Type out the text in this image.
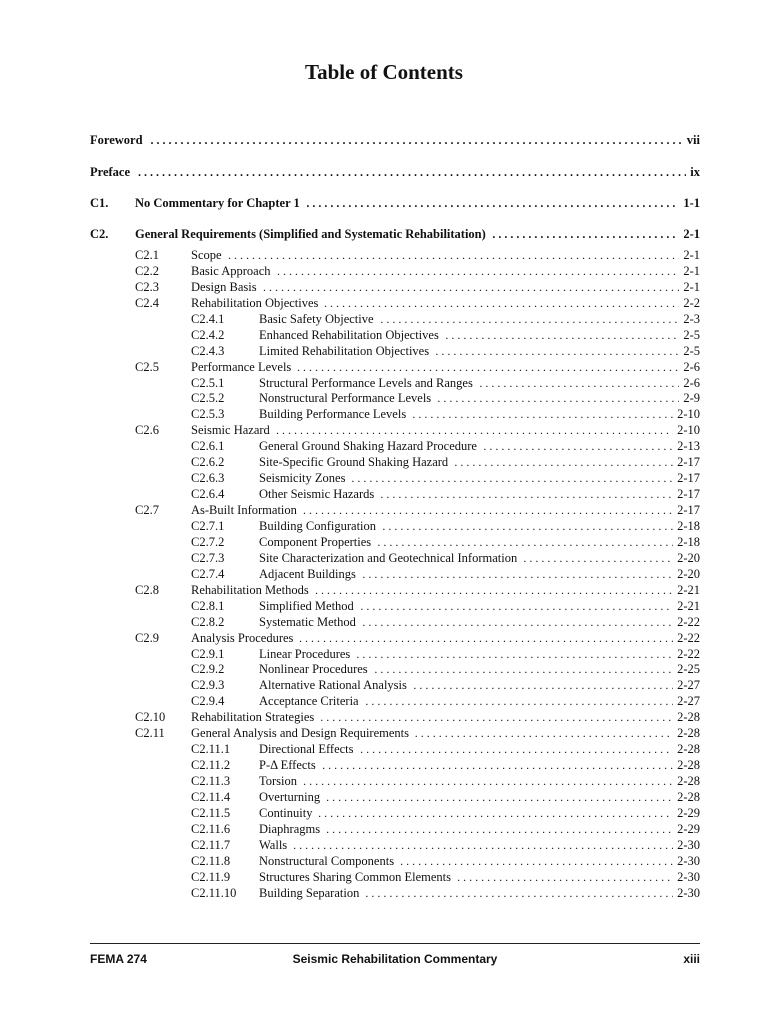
Table of Contents
Foreword . . .	vii
Preface . . .	ix
C1. No Commentary for Chapter 1 . . .	1-1
C2. General Requirements (Simplified and Systematic Rehabilitation) . . .	2-1
C2.1	Scope . . .	2-1
C2.2	Basic Approach . . .	2-1
C2.3	Design Basis . . .	2-1
C2.4	Rehabilitation Objectives . . .	2-2
C2.4.1	Basic Safety Objective . . .	2-3
C2.4.2	Enhanced Rehabilitation Objectives . . .	2-5
C2.4.3	Limited Rehabilitation Objectives . . .	2-5
C2.5	Performance Levels . . .	2-6
C2.5.1	Structural Performance Levels and Ranges . . .	2-6
C2.5.2	Nonstructural Performance Levels . . .	2-9
C2.5.3	Building Performance Levels . . .	2-10
C2.6	Seismic Hazard . . .	2-10
C2.6.1	General Ground Shaking Hazard Procedure . . .	2-13
C2.6.2	Site-Specific Ground Shaking Hazard . . .	2-17
C2.6.3	Seismicity Zones . . .	2-17
C2.6.4	Other Seismic Hazards . . .	2-17
C2.7	As-Built Information . . .	2-17
C2.7.1	Building Configuration . . .	2-18
C2.7.2	Component Properties . . .	2-18
C2.7.3	Site Characterization and Geotechnical Information . . .	2-20
C2.7.4	Adjacent Buildings . . .	2-20
C2.8	Rehabilitation Methods . . .	2-21
C2.8.1	Simplified Method . . .	2-21
C2.8.2	Systematic Method . . .	2-22
C2.9	Analysis Procedures . . .	2-22
C2.9.1	Linear Procedures . . .	2-22
C2.9.2	Nonlinear Procedures . . .	2-25
C2.9.3	Alternative Rational Analysis . . .	2-27
C2.9.4	Acceptance Criteria . . .	2-27
C2.10 Rehabilitation Strategies . . .	2-28
C2.11 General Analysis and Design Requirements . . .	2-28
C2.11.1 Directional Effects . . .	2-28
C2.11.2 P-Δ Effects . . .	2-28
C2.11.3 Torsion . . .	2-28
C2.11.4 Overturning . . .	2-28
C2.11.5 Continuity . . .	2-29
C2.11.6 Diaphragms . . .	2-29
C2.11.7 Walls . . .	2-30
C2.11.8 Nonstructural Components . . .	2-30
C2.11.9 Structures Sharing Common Elements . . .	2-30
C2.11.10 Building Separation . . .	2-30
FEMA 274	Seismic Rehabilitation Commentary	xiii
